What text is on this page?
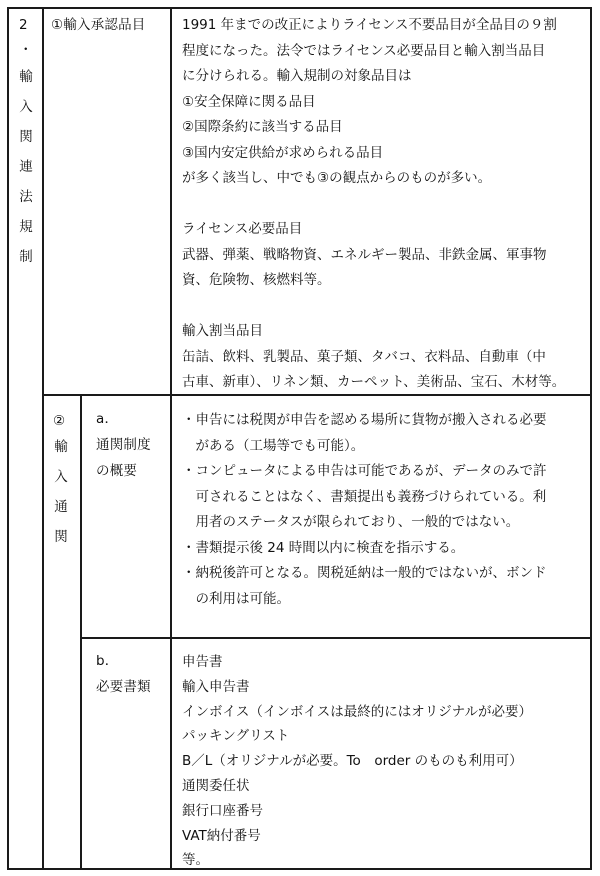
2
・
輸
入
関
連
法
規
制
①輸入承認品目	1991 年までの改正によりライセンス不要品目が全品目の９割
程度になった。法令ではライセンス必要品目と輸入割当品目
に分けられる。輸入規制の対象品目は
①安全保障に関る品目
②国際条約に該当する品目
③国内安定供給が求められる品目
が多く該当し、中でも③の観点からのものが多い。
ライセンス必要品目
武器、弾薬、戦略物資、エネルギー製品、非鉄金属、軍事物
資、危険物、核燃料等。
輸入割当品目
缶詰、飲料、乳製品、菓子類、タバコ、衣料品、自動車（中
古車、新車）、リネン類、カーペット、美術品、宝石、木材等。
②
輸
入
通
関
a．
通関制度
の概要
・申告には税関が申告を認める場所に貨物が搬入される必要
　がある（工場等でも可能）。
・コンピュータによる申告は可能であるが、データのみで許
　可されることはなく、書類提出も義務づけられている。利
　用者のステータスが限られており、一般的ではない。
・書類提示後 24 時間以内に検査を指示する。
・納税後許可となる。関税延納は一般的ではないが、ボンド
　の利用は可能。
b．
必要書類
申告書
輸入申告書
インボイス（インボイスは最終的にはオリジナルが必要）
パッキングリスト
B／L（オリジナルが必要。To　order のものも利用可）
通関委任状
銀行口座番号
VAT納付番号
等。
